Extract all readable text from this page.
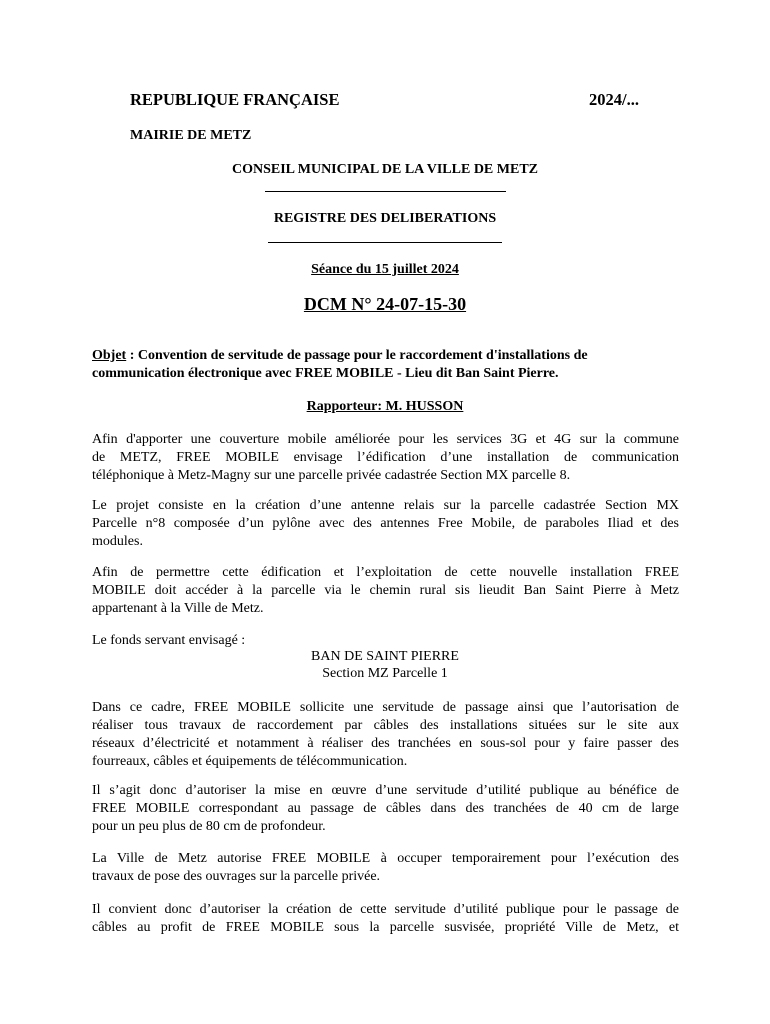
REPUBLIQUE FRANÇAISE	2024/...
MAIRIE DE METZ
CONSEIL MUNICIPAL DE LA VILLE DE METZ
REGISTRE DES DELIBERATIONS
Séance du 15 juillet 2024
DCM N° 24-07-15-30
Objet : Convention de servitude de passage pour le raccordement d'installations de
communication électronique avec FREE MOBILE - Lieu dit Ban Saint Pierre.
Rapporteur: M. HUSSON
Afin d'apporter une couverture mobile améliorée pour les services 3G et 4G sur la commune
de METZ, FREE MOBILE envisage l’édification d’une installation de communication
téléphonique à Metz-Magny sur une parcelle privée cadastrée Section MX parcelle 8.
Le projet consiste en la création d’une antenne relais sur la parcelle cadastrée Section MX
Parcelle n°8 composée d’un pylône avec des antennes Free Mobile, de paraboles Iliad et des
modules.
Afin de permettre cette édification et l’exploitation de cette nouvelle installation FREE
MOBILE doit accéder à la parcelle via le chemin rural sis lieudit Ban Saint Pierre à Metz
appartenant à la Ville de Metz.
Le fonds servant envisagé :
BAN DE SAINT PIERRE
Section MZ Parcelle 1
Dans ce cadre, FREE MOBILE sollicite une servitude de passage ainsi que l’autorisation de
réaliser tous travaux de raccordement par câbles des installations situées sur le site aux
réseaux d’électricité et notamment à réaliser des tranchées en sous-sol pour y faire passer des
fourreaux, câbles et équipements de télécommunication.
Il s’agit donc d’autoriser la mise en œuvre d’une servitude d’utilité publique au bénéfice de
FREE MOBILE correspondant au passage de câbles dans des tranchées de 40 cm de large
pour un peu plus de 80 cm de profondeur.
La Ville de Metz autorise FREE MOBILE à occuper temporairement pour l’exécution des
travaux de pose des ouvrages sur la parcelle privée.
Il convient donc d’autoriser la création de cette servitude d’utilité publique pour le passage de
câbles au profit de FREE MOBILE sous la parcelle susvisée, propriété Ville de Metz, et
